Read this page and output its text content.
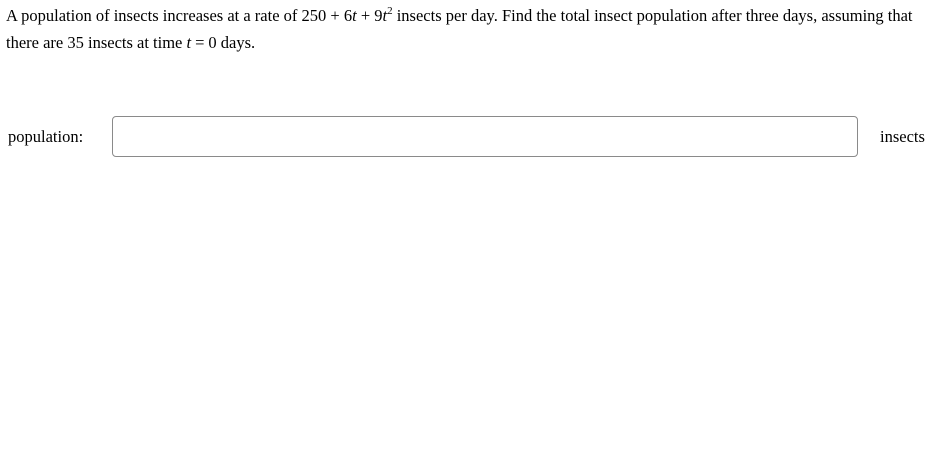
A population of insects increases at a rate of $250 + 6t + 9t^2$ insects per day. Find the total insect population after three days, assuming that there are 35 insects at time t = 0 days.

population:	insects
